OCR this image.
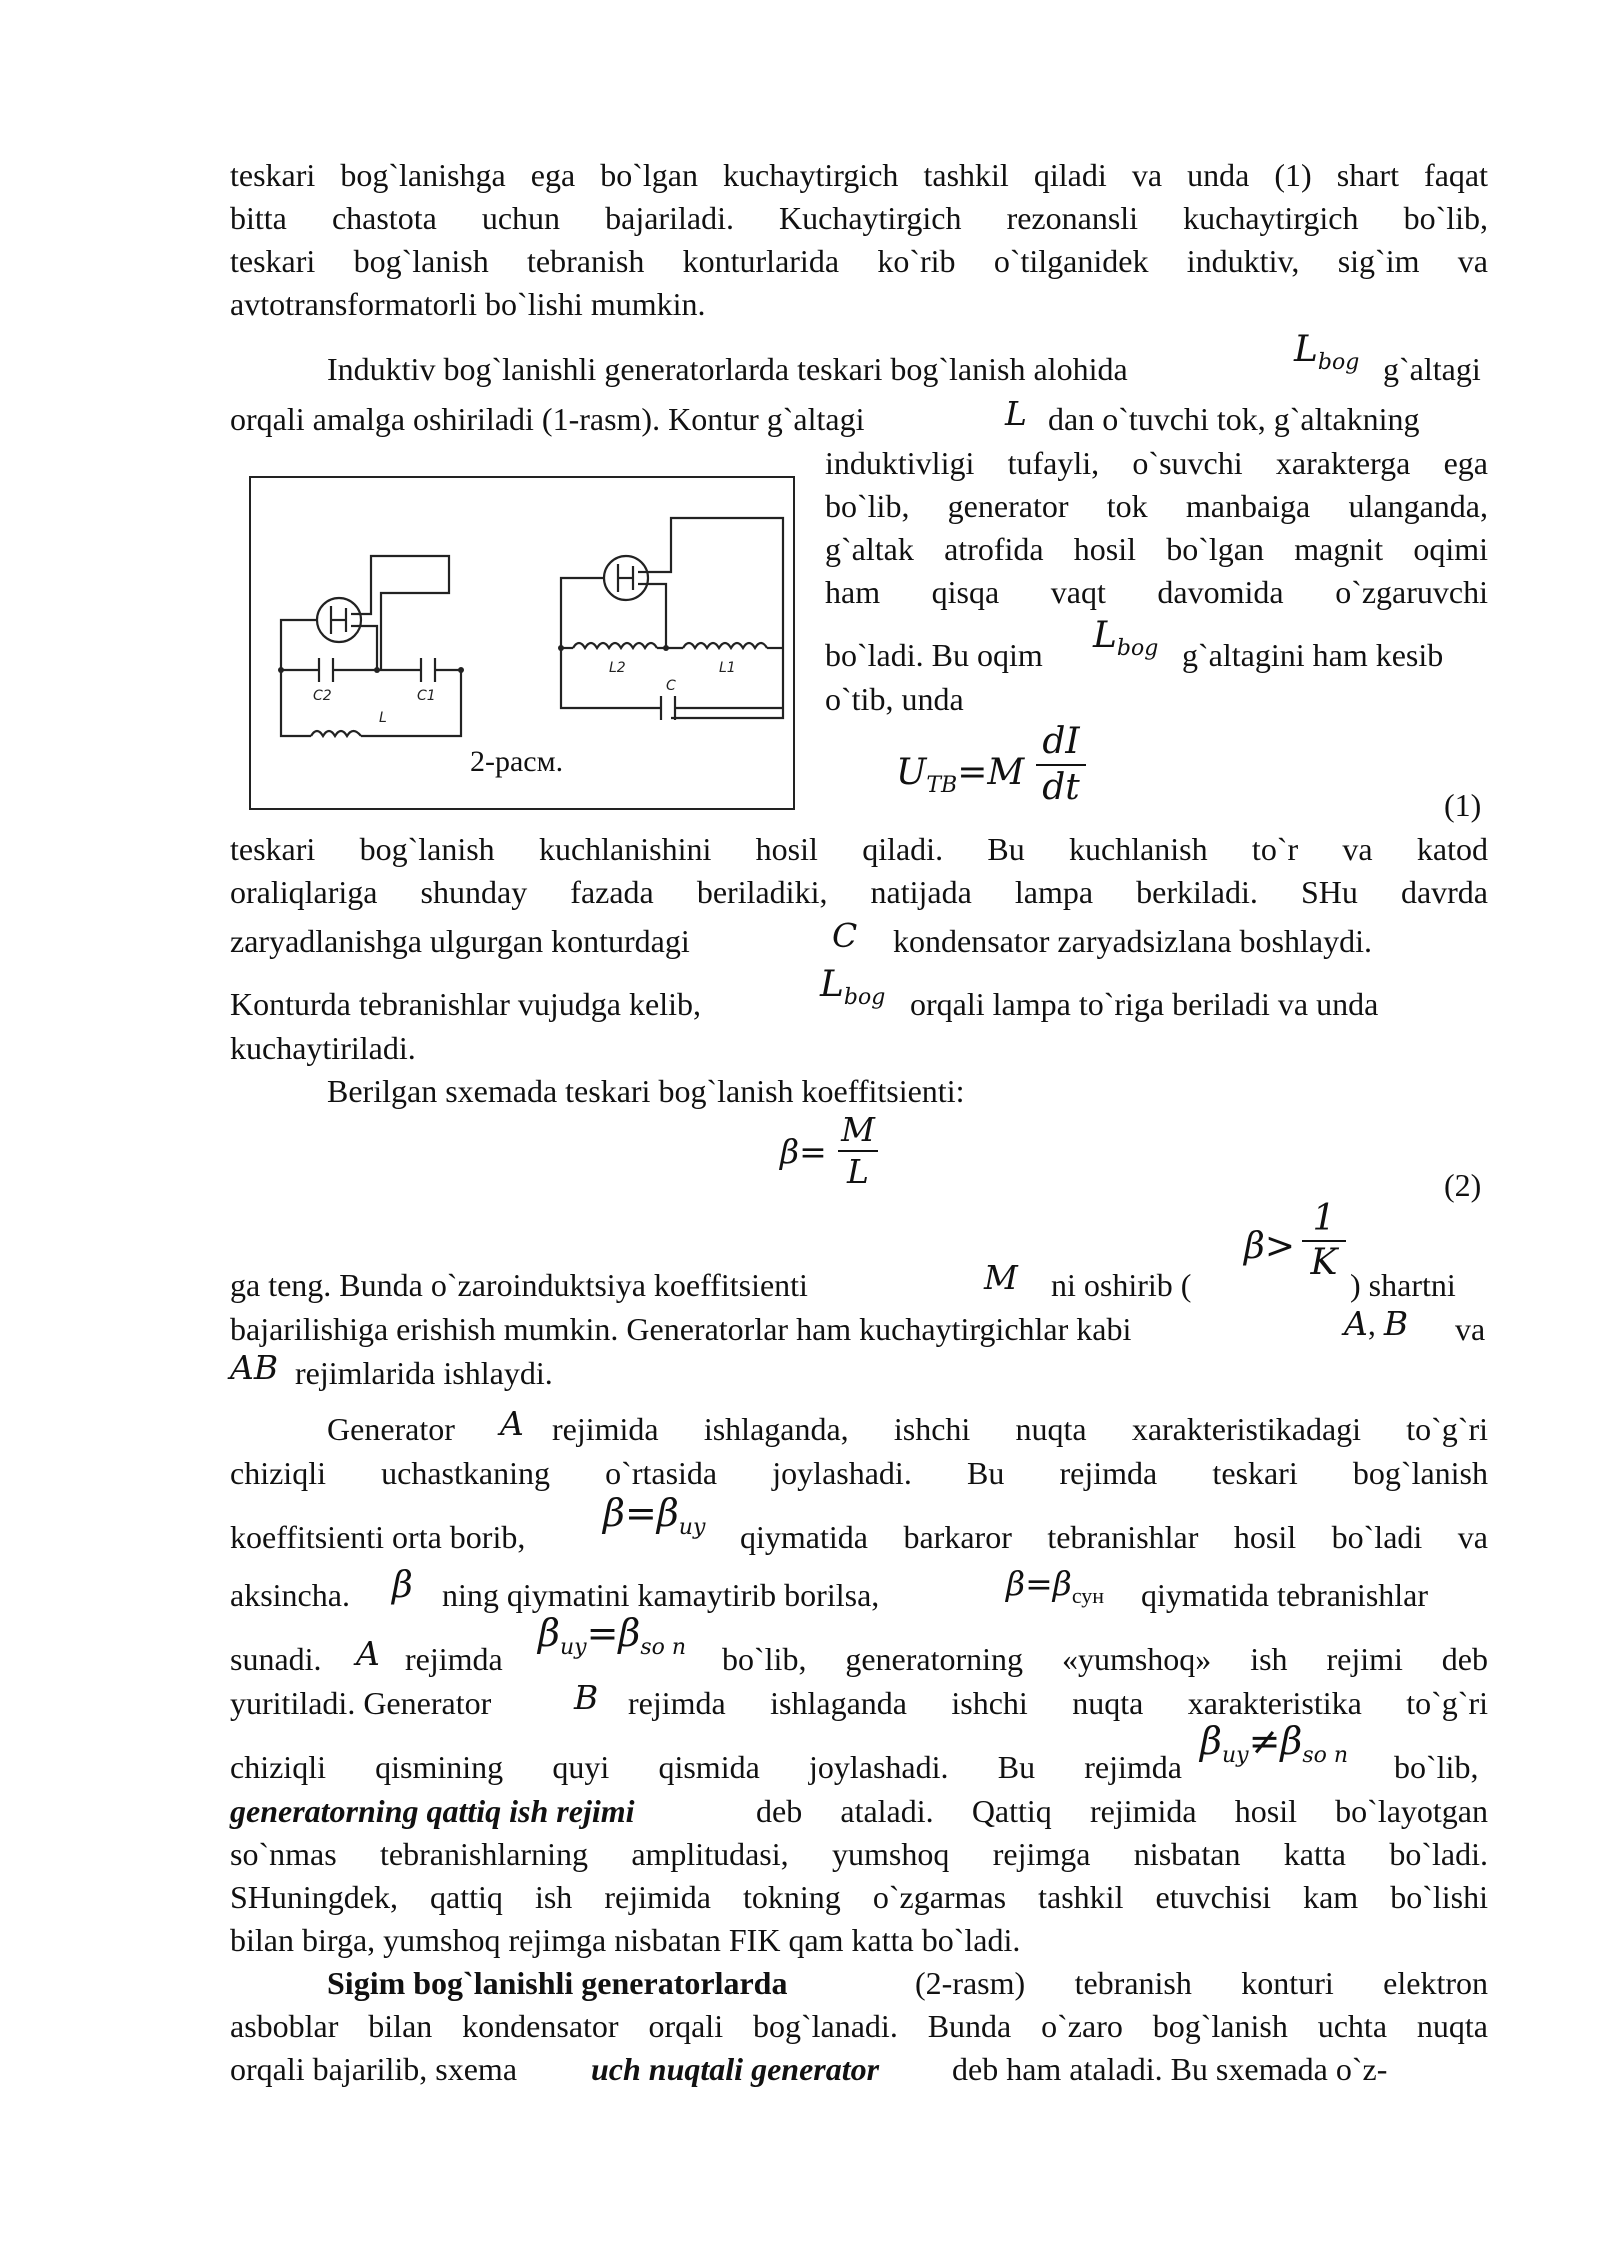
teskari bog`lanishga ega bo`lgan kuchaytirgich tashkil qiladi va unda (1) shart faqat
bitta chastota uchun bajariladi. Kuchaytirgich rezonansli kuchaytirgich bo`lib,
teskari bog`lanish tebranish konturlarida ko`rib o`tilganidek induktiv, sig`im va
avtotransformatorli bo`lishi mumkin.
Induktiv bog`lanishli generatorlarda teskari bog`lanish alohida	$L_{bog}$ g`altagi
orqali amalga oshiriladi (1-rasm). Kontur g`altagi	L dan o`tuvchi tok, g`altakning
induktivligi tufayli, o`suvchi xarakterga ega
bo`lib, generator tok manbaiga ulanganda,
g`altak atrofida hosil bo`lgan magnit oqimi
ham qisqa vaqt davomida o`zgaruvchi
bo`ladi. Bu oqim $L_{bog}$ g`altagini ham kesib
o`tib, unda
C2	C1
L
L2	L1
C
2-расм.	$U_{TB}=M$
dI
dt	(1)
teskari bog`lanish kuchlanishini hosil qiladi. Bu kuchlanish to`r va katod
oraliqlariga shunday fazada beriladiki, natijada lampa berkiladi. SHu davrda
zaryadlanishga ulgurgan konturdagi	C kondensator zaryadsizlana boshlaydi.
Konturda tebranishlar vujudga kelib,	$L_{bog}$ orqali lampa to`riga beriladi va unda
kuchaytiriladi.
Berilgan sxemada teskari bog`lanish koeffitsienti:
β=
M
L	(2)
ga teng. Bunda o`zaroinduktsiya koeffitsienti	M ni oshirib (
β>
1
K
) shartni
bajarilishiga erishish mumkin. Generatorlar ham kuchaytirgichlar kabi	A, B va
AB rejimlarida ishlaydi.
Generator A rejimida ishlaganda, ishchi nuqta xarakteristikadagi to`g`ri
chiziqli uchastkaning o`rtasida joylashadi. Bu rejimda teskari bog`lanish
koeffitsienti orta borib,
$\beta=\beta_{uy}$ qiymatida barkaror tebranishlar hosil bo`ladi va
aksincha. β ning qiymatini kamaytirib borilsa,	$\beta=\beta_{сун}$ qiymatida tebranishlar
sunadi. A rejimda
$\beta_{uy}=\beta_{so n}$ bo`lib, generatorning «yumshoq» ish rejimi deb
yuritiladi. Generator	B rejimda ishlaganda ishchi nuqta xarakteristika to`g`ri
chiziqli qismining quyi qismida joylashadi. Bu rejimda
$\beta_{uy}\ne\beta_{so n}$ bo`lib,
generatorning qattiq ish rejimi	deb ataladi. Qattiq rejimida hosil bo`layotgan
so`nmas tebranishlarning amplitudasi, yumshoq rejimga nisbatan katta bo`ladi.
SHuningdek, qattiq ish rejimida tokning o`zgarmas tashkil etuvchisi kam bo`lishi
bilan birga, yumshoq rejimga nisbatan FIK qam katta bo`ladi.
Sigim bog`lanishli generatorlarda	(2-rasm) tebranish konturi elektron
asboblar bilan kondensator orqali bog`lanadi. Bunda o`zaro bog`lanish uchta nuqta
orqali bajarilib, sxema uch nuqtali generator deb ham ataladi. Bu sxemada o`z-
